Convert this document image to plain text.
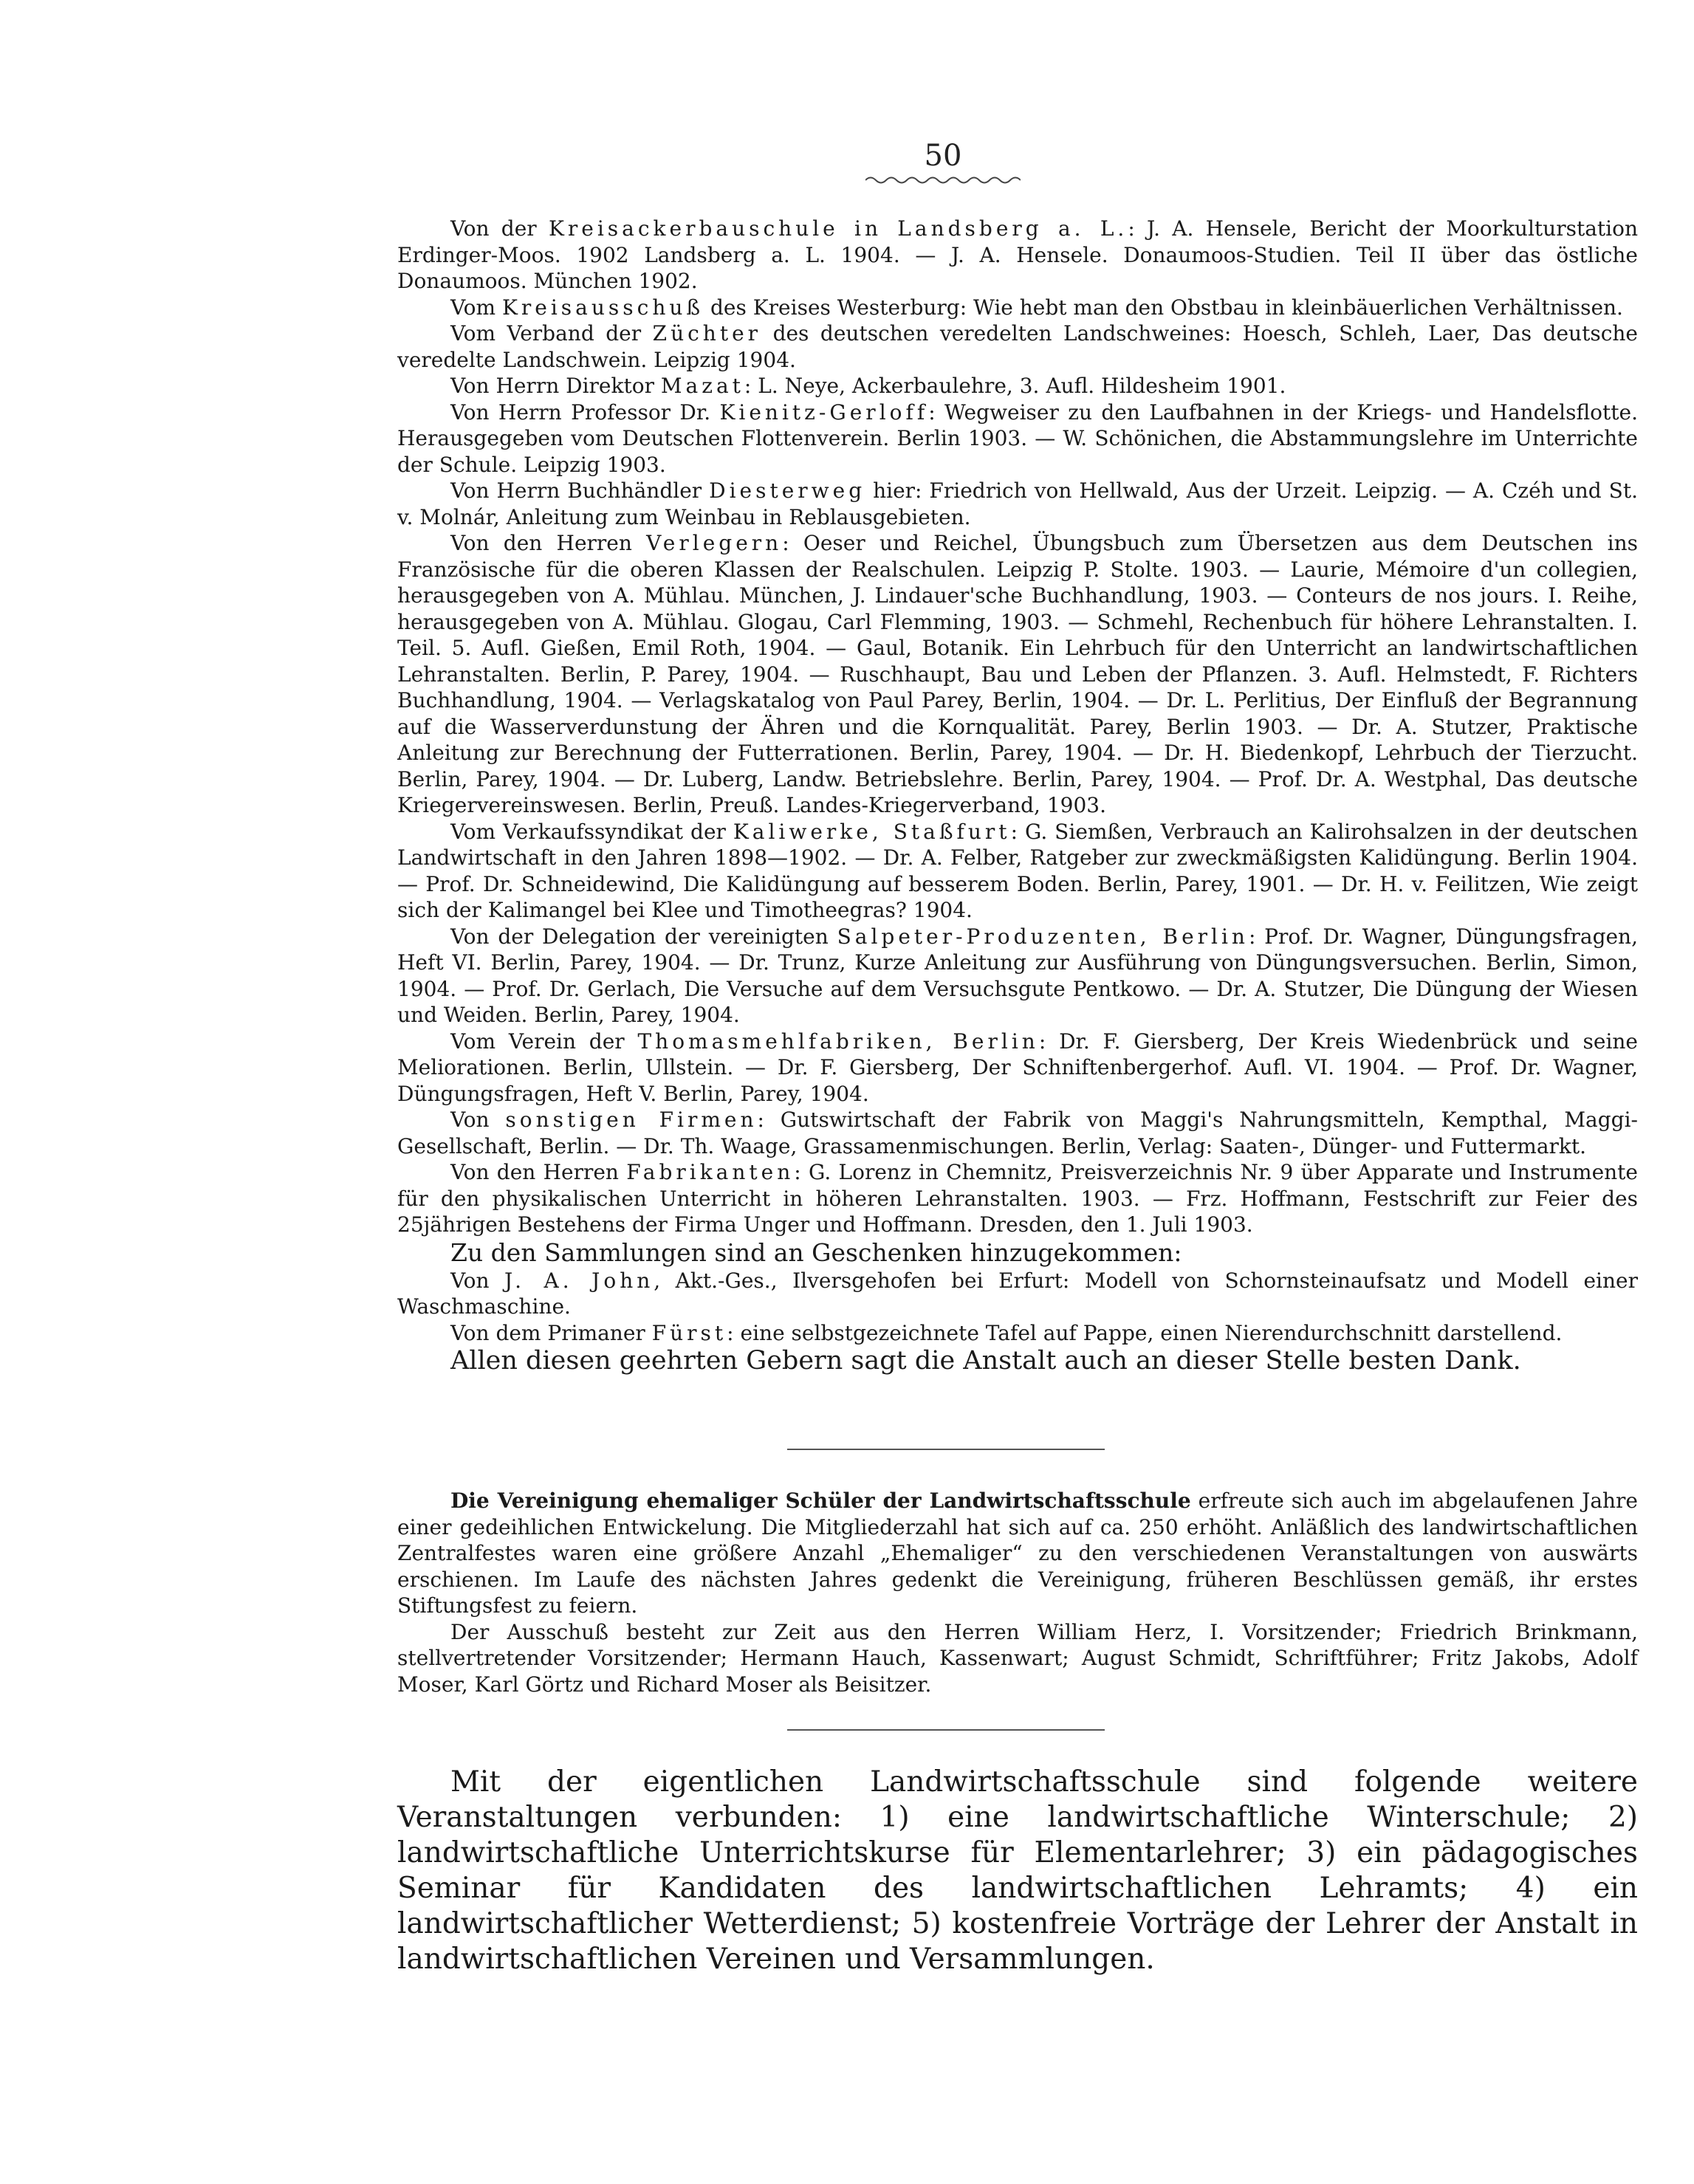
50

Von der Kreisackerbauschule in Landsberg a. L.: J. A. Hensele, Bericht der Moorkulturstation Erdinger-Moos. 1902 Landsberg a. L. 1904. — J. A. Hensele. Donaumoos-Studien. Teil II über das östliche Donaumoos. München 1902.

Vom Kreisausschuß des Kreises Westerburg: Wie hebt man den Obstbau in kleinbäuerlichen Verhältnissen.

Vom Verband der Züchter des deutschen veredelten Landschweines: Hoesch, Schleh, Laer, Das deutsche veredelte Landschwein. Leipzig 1904.

Von Herrn Direktor Mazat: L. Neye, Ackerbaulehre, 3. Aufl. Hildesheim 1901.

Von Herrn Professor Dr. Kienitz-Gerloff: Wegweiser zu den Laufbahnen in der Kriegs- und Handelsflotte. Herausgegeben vom Deutschen Flottenverein. Berlin 1903. — W. Schönichen, die Abstammungslehre im Unterrichte der Schule. Leipzig 1903.

Von Herrn Buchhändler Diesterweg hier: Friedrich von Hellwald, Aus der Urzeit. Leipzig. — A. Czéh und St. v. Molnár, Anleitung zum Weinbau in Reblausgebieten.

Von den Herren Verlegern: Oeser und Reichel, Übungsbuch zum Übersetzen aus dem Deutschen ins Französische für die oberen Klassen der Realschulen. Leipzig P. Stolte. 1903. — Laurie, Mémoire d'un collegien, herausgegeben von A. Mühlau. München, J. Lindauer'sche Buchhandlung, 1903. — Conteurs de nos jours. I. Reihe, herausgegeben von A. Mühlau. Glogau, Carl Flemming, 1903. — Schmehl, Rechenbuch für höhere Lehranstalten. I. Teil. 5. Aufl. Gießen, Emil Roth, 1904. — Gaul, Botanik. Ein Lehrbuch für den Unterricht an landwirtschaftlichen Lehranstalten. Berlin, P. Parey, 1904. — Ruschhaupt, Bau und Leben der Pflanzen. 3. Aufl. Helmstedt, F. Richters Buchhandlung, 1904. — Verlagskatalog von Paul Parey, Berlin, 1904. — Dr. L. Perlitius, Der Einfluß der Begrannung auf die Wasserverdunstung der Ähren und die Kornqualität. Parey, Berlin 1903. — Dr. A. Stutzer, Praktische Anleitung zur Berechnung der Futterrationen. Berlin, Parey, 1904. — Dr. H. Biedenkopf, Lehrbuch der Tierzucht. Berlin, Parey, 1904. — Dr. Luberg, Landw. Betriebslehre. Berlin, Parey, 1904. — Prof. Dr. A. Westphal, Das deutsche Kriegervereinswesen. Berlin, Preuß. Landes-Kriegerverband, 1903.

Vom Verkaufssyndikat der Kaliwerke, Staßfurt: G. Siemßen, Verbrauch an Kalirohsalzen in der deutschen Landwirtschaft in den Jahren 1898—1902. — Dr. A. Felber, Ratgeber zur zweckmäßigsten Kalidüngung. Berlin 1904. — Prof. Dr. Schneidewind, Die Kalidüngung auf besserem Boden. Berlin, Parey, 1901. — Dr. H. v. Feilitzen, Wie zeigt sich der Kalimangel bei Klee und Timotheegras? 1904.

Von der Delegation der vereinigten Salpeter-Produzenten, Berlin: Prof. Dr. Wagner, Düngungsfragen, Heft VI. Berlin, Parey, 1904. — Dr. Trunz, Kurze Anleitung zur Ausführung von Düngungsversuchen. Berlin, Simon, 1904. — Prof. Dr. Gerlach, Die Versuche auf dem Versuchsgute Pentkowo. — Dr. A. Stutzer, Die Düngung der Wiesen und Weiden. Berlin, Parey, 1904.

Vom Verein der Thomasmehlfabriken, Berlin: Dr. F. Giersberg, Der Kreis Wiedenbrück und seine Meliorationen. Berlin, Ullstein. — Dr. F. Giersberg, Der Schniftenbergerhof. Aufl. VI. 1904. — Prof. Dr. Wagner, Düngungsfragen, Heft V. Berlin, Parey, 1904.

Von sonstigen Firmen: Gutswirtschaft der Fabrik von Maggi's Nahrungsmitteln, Kempthal, Maggi-Gesellschaft, Berlin. — Dr. Th. Waage, Grassamenmischungen. Berlin, Verlag: Saaten-, Dünger- und Futtermarkt.

Von den Herren Fabrikanten: G. Lorenz in Chemnitz, Preisverzeichnis Nr. 9 über Apparate und Instrumente für den physikalischen Unterricht in höheren Lehranstalten. 1903. — Frz. Hoffmann, Festschrift zur Feier des 25jährigen Bestehens der Firma Unger und Hoffmann. Dresden, den 1. Juli 1903.

Zu den Sammlungen sind an Geschenken hinzugekommen:

Von J. A. John, Akt.-Ges., Ilversgehofen bei Erfurt: Modell von Schornsteinaufsatz und Modell einer Waschmaschine.

Von dem Primaner Fürst: eine selbstgezeichnete Tafel auf Pappe, einen Nierendurchschnitt darstellend.

Allen diesen geehrten Gebern sagt die Anstalt auch an dieser Stelle besten Dank.

Die Vereinigung ehemaliger Schüler der Landwirtschaftsschule erfreute sich auch im abgelaufenen Jahre einer gedeihlichen Entwickelung. Die Mitgliederzahl hat sich auf ca. 250 erhöht. Anläßlich des landwirtschaftlichen Zentralfestes waren eine größere Anzahl „Ehemaliger“ zu den verschiedenen Veranstaltungen von auswärts erschienen. Im Laufe des nächsten Jahres gedenkt die Vereinigung, früheren Beschlüssen gemäß, ihr erstes Stiftungsfest zu feiern.

Der Ausschuß besteht zur Zeit aus den Herren William Herz, I. Vorsitzender; Friedrich Brinkmann, stellvertretender Vorsitzender; Hermann Hauch, Kassenwart; August Schmidt, Schriftführer; Fritz Jakobs, Adolf Moser, Karl Görtz und Richard Moser als Beisitzer.

Mit der eigentlichen Landwirtschaftsschule sind folgende weitere Veranstaltungen verbunden: 1) eine landwirtschaftliche Winterschule; 2) landwirtschaftliche Unterrichtskurse für Elementarlehrer; 3) ein pädagogisches Seminar für Kandidaten des landwirtschaftlichen Lehramts; 4) ein landwirtschaftlicher Wetterdienst; 5) kostenfreie Vorträge der Lehrer der Anstalt in landwirtschaftlichen Vereinen und Versammlungen.
